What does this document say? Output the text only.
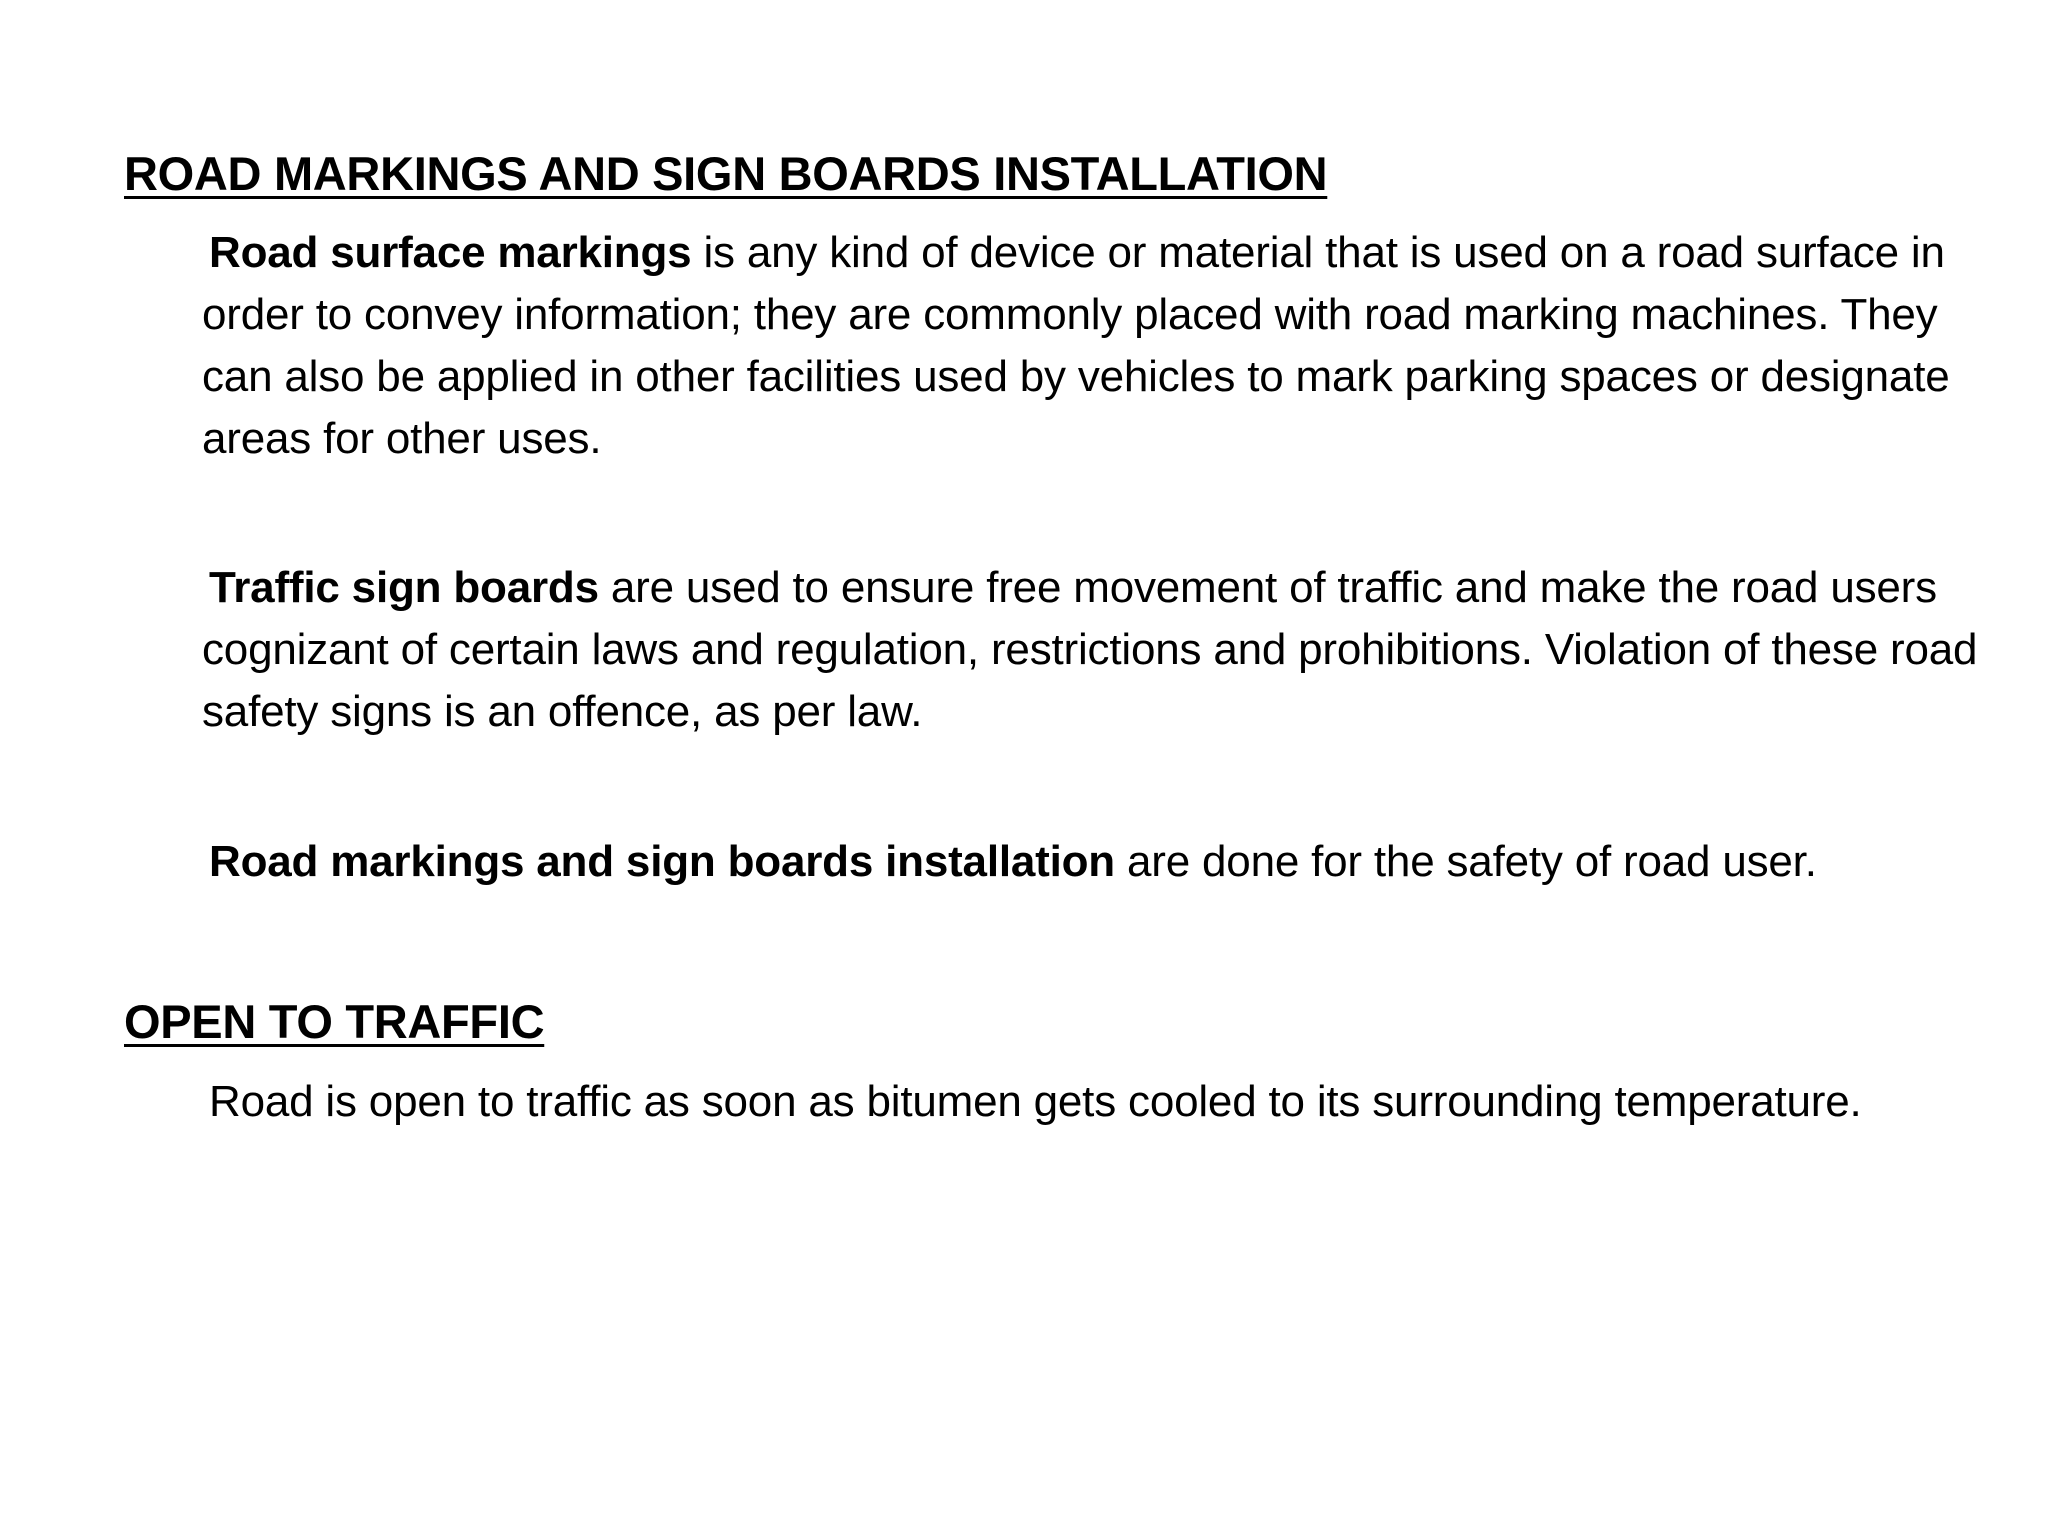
ROAD MARKINGS AND SIGN BOARDS INSTALLATION

Road surface markings is any kind of device or material that is used on a road surface in order to convey information; they are commonly placed with road marking machines. They can also be applied in other facilities used by vehicles to mark parking spaces or designate areas for other uses.

Traffic sign boards are used to ensure free movement of traffic and make the road users cognizant of certain laws and regulation, restrictions and prohibitions. Violation of these road safety signs is an offence, as per law.

Road markings and sign boards installation are done for the safety of road user.

OPEN TO TRAFFIC

Road is open to traffic as soon as bitumen gets cooled to its surrounding temperature.
